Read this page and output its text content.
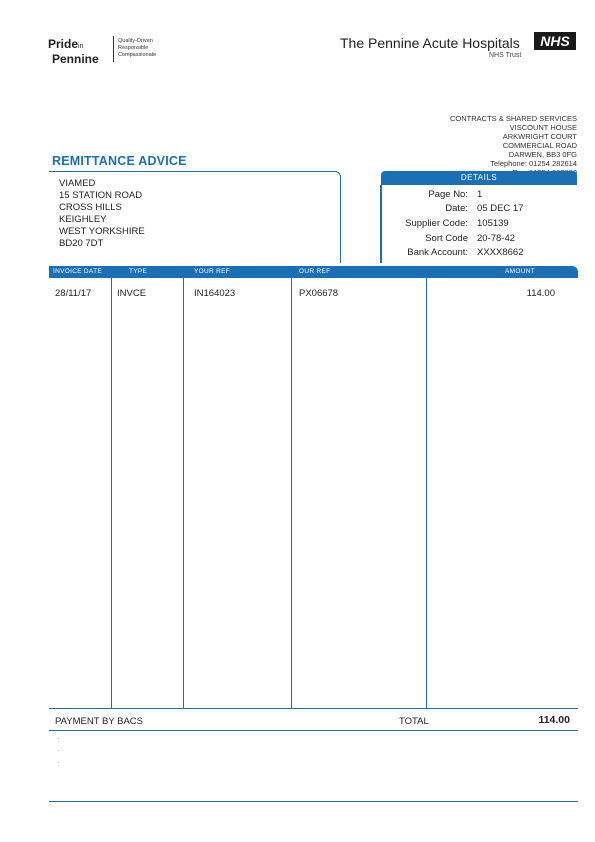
Pridein
Pennine
Quality-Driven
Responsible
Compassionate
The Pennine Acute Hospitals	NHS
NHS Trust
CONTRACTS & SHARED SERVICES
VISCOUNT HOUSE
ARKWRIGHT COURT
COMMERCIAL ROAD
DARWEN, BB3 0FG
Telephone: 01254 282614
REMITTANCE ADVICE
VIAMED
15 STATION ROAD
CROSS HILLS
KEIGHLEY
WEST YORKSHIRE
BD20 7DT
DETAILS
Page No: 1
Date: 05 DEC 17
Supplier Code: 105139
Sort Code 20-78-42
Bank Account: XXXX8662
INVOICE DATE	TYPE	YOUR REF	OUR REF	AMOUNT
28/11/17	INVCE	IN164023	PX06678	114.00
PAYMENT BY BACS	TOTAL	114.00
.
.
.
